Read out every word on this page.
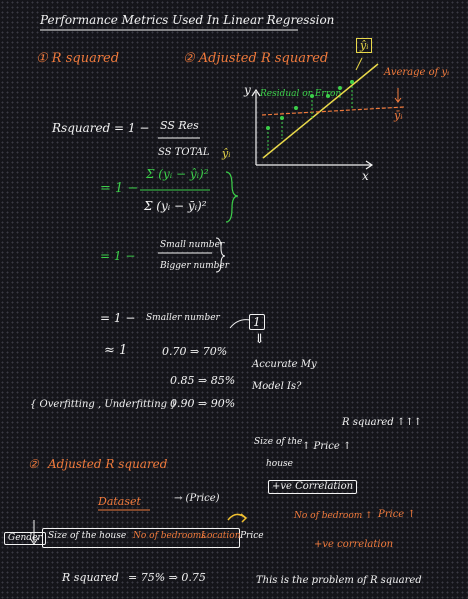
Performance Metrics Used In Linear Regression

① R squared	② Adjusted R squared

y

x

ŷᵢ

Residual or Error

Average of yᵢ

ȳᵢ

ŷᵢ

Rsquared = 1 − SS Res

SS TOTAL

= 1 −

Σ (yᵢ − ŷᵢ)²

Σ (yᵢ − ȳᵢ)²

= 1 −

Small number

Bigger number

= 1 − Smaller number

≈ 1	0.70 ⇒ 70%

0.85 ⇒ 85%

0.90 ⇒ 90%

1

⇓

Accurate My

Model Is?

{ Overfitting , Underfitting }

R squared ↑↑↑

Size of the

house

↑ Price ↑

+ve Correlation

No of bedroom ↑ Price ↑

+ve correlation

② Adjusted R squared

Dataset	→ (Price)

Gender Size of the house No of bedrooms
Location Price

R squared = 75% ⇒ 0.75	This is the problem of R squared
